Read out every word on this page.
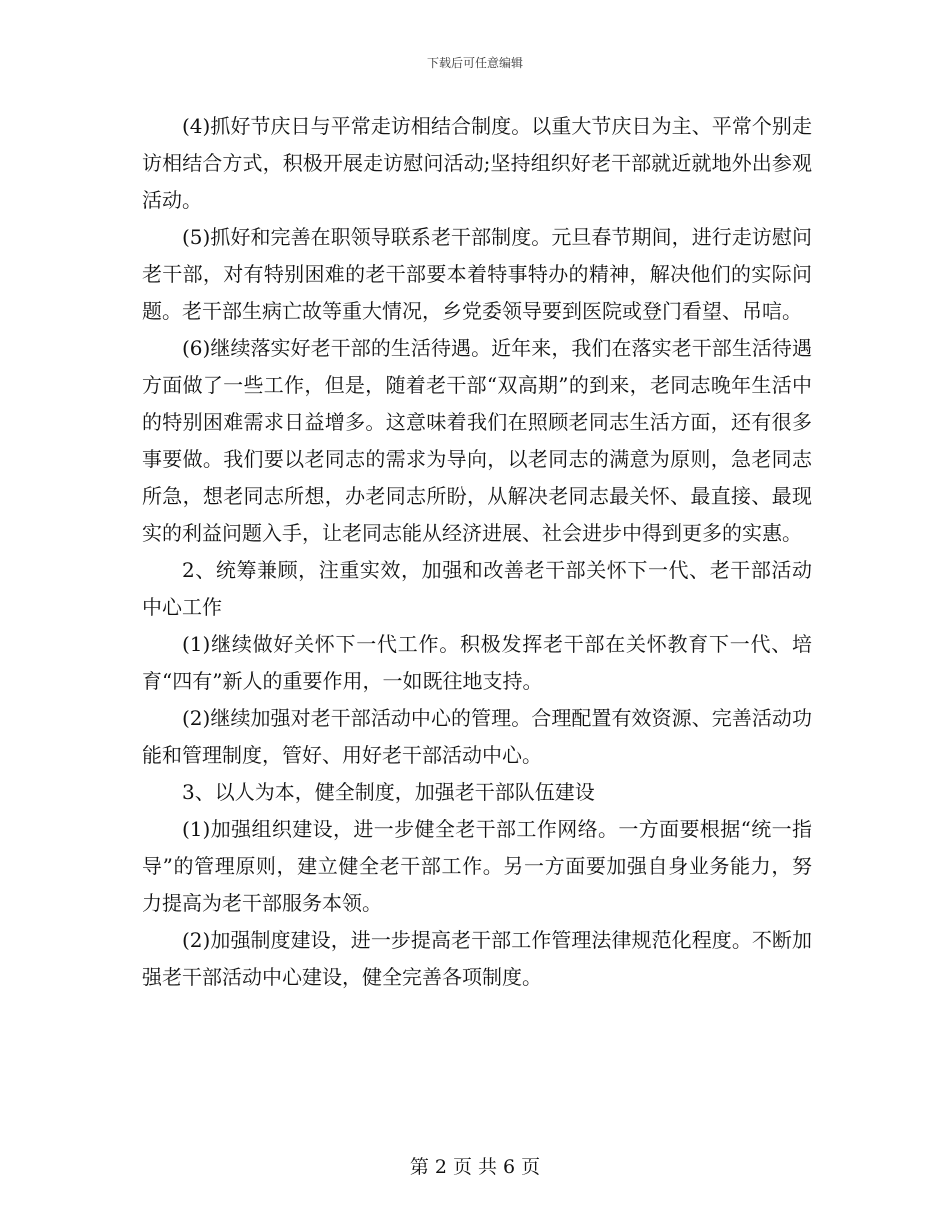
下载后可任意编辑

(4)抓好节庆日与平常走访相结合制度。以重大节庆日为主、平常个别走访相结合方式，积极开展走访慰问活动;坚持组织好老干部就近就地外出参观活动。

(5)抓好和完善在职领导联系老干部制度。元旦春节期间，进行走访慰问老干部，对有特别困难的老干部要本着特事特办的精神，解决他们的实际问题。老干部生病亡故等重大情况，乡党委领导要到医院或登门看望、吊唁。

(6)继续落实好老干部的生活待遇。近年来，我们在落实老干部生活待遇方面做了一些工作，但是，随着老干部“双高期”的到来，老同志晚年生活中的特别困难需求日益增多。这意味着我们在照顾老同志生活方面，还有很多事要做。我们要以老同志的需求为导向，以老同志的满意为原则，急老同志所急，想老同志所想，办老同志所盼，从解决老同志最关怀、最直接、最现实的利益问题入手，让老同志能从经济进展、社会进步中得到更多的实惠。

2、统筹兼顾，注重实效，加强和改善老干部关怀下一代、老干部活动中心工作

(1)继续做好关怀下一代工作。积极发挥老干部在关怀教育下一代、培育“四有”新人的重要作用，一如既往地支持。

(2)继续加强对老干部活动中心的管理。合理配置有效资源、完善活动功能和管理制度，管好、用好老干部活动中心。

3、以人为本，健全制度，加强老干部队伍建设

(1)加强组织建设，进一步健全老干部工作网络。一方面要根据“统一指导”的管理原则，建立健全老干部工作。另一方面要加强自身业务能力，努力提高为老干部服务本领。

(2)加强制度建设，进一步提高老干部工作管理法律规范化程度。不断加强老干部活动中心建设，健全完善各项制度。

第 2 页 共 6 页
